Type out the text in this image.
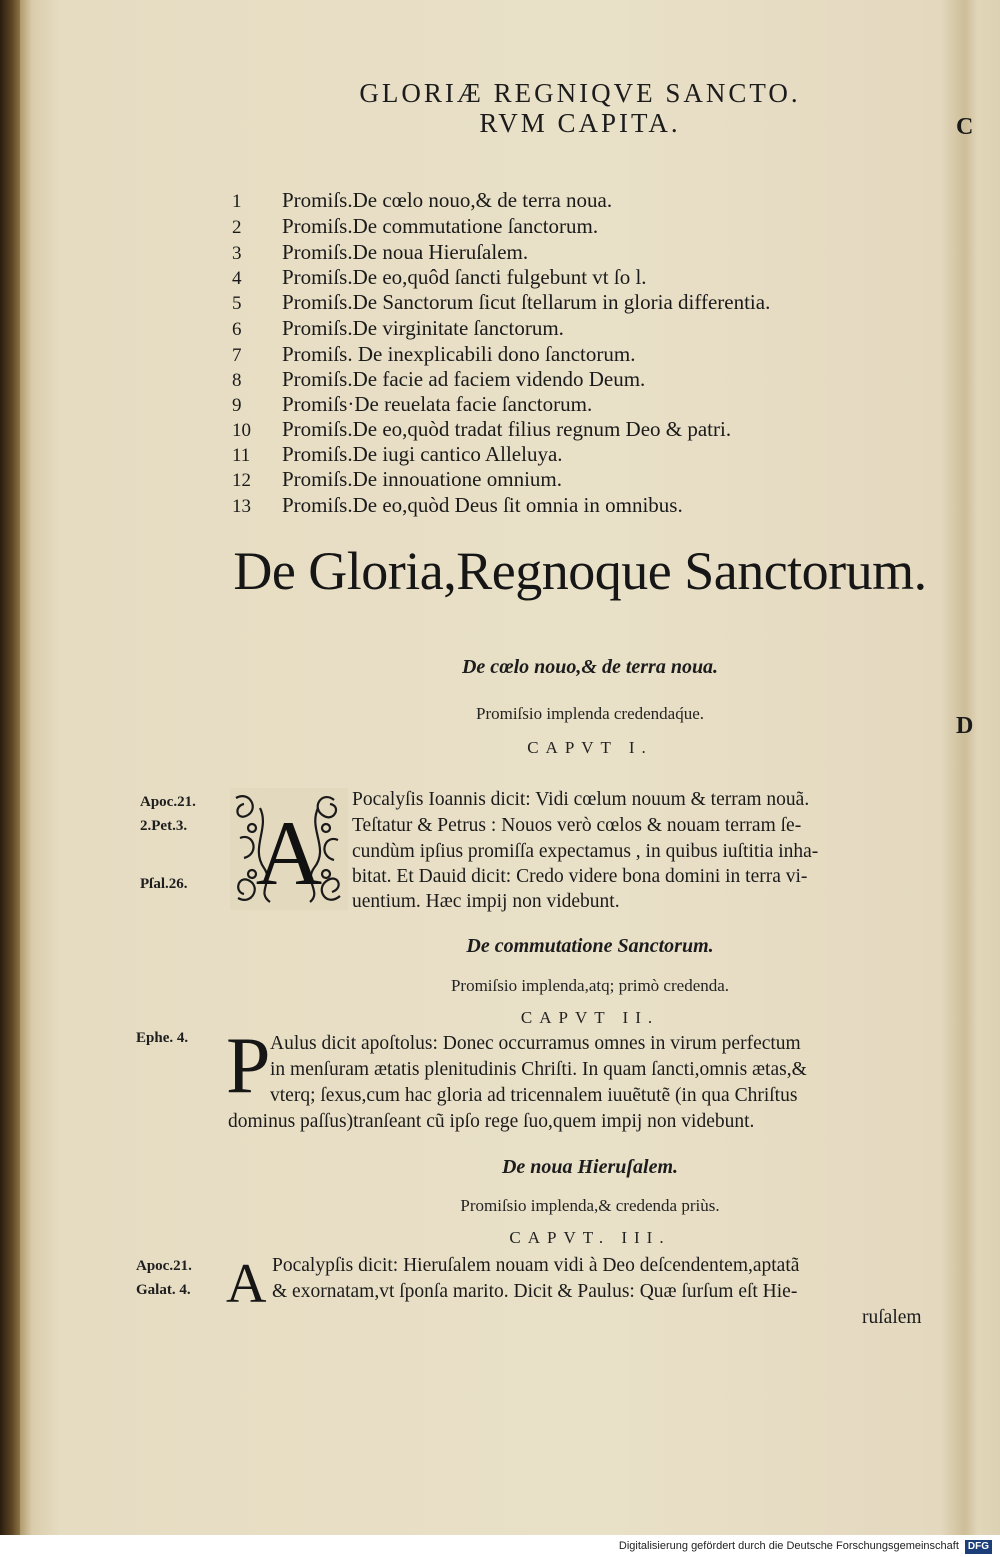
C
D
GLORIÆ REGNIQVE SANCTO.
RVM CAPITA.
1 Promiſs.De cœlo nouo,& de terra noua.
2 Promiſs.De commutatione ſanctorum.
3 Promiſs.De noua Hieruſalem.
4 Promiſs.De eo,quôd ſancti fulgebunt vt ſo l.
5 Promiſs.De Sanctorum ſicut ſtellarum in gloria differentia.
6 Promiſs.De virginitate ſanctorum.
7 Promiſs. De inexplicabili dono ſanctorum.
8 Promiſs.De facie ad faciem videndo Deum.
9 Promiſs·De reuelata facie ſanctorum.
10 Promiſs.De eo,quòd tradat filius regnum Deo & patri.
11 Promiſs.De iugi cantico Alleluya.
12 Promiſs.De innouatione omnium.
13 Promiſs.De eo,quòd Deus ſit omnia in omnibus.
De Gloria,Regnoque Sanctorum.
De cœlo nouo,& de terra noua.
Promiſsio implenda credendaq́ue.
CAPVT I.
Apoc.21.
2.Pet.3.
Pſal.26. A
Pocalyſis Ioannis dicit: Vidi cœlum nouum & terram nouã.
Teſtatur & Petrus : Nouos verò cœlos & nouam terram ſe-
cundùm ipſius promiſſa expectamus , in quibus iuſtitia inha-
bitat. Et Dauid dicit: Credo videre bona domini in terra vi-
uentium. Hæc impij non videbunt.
De commutatione Sanctorum.
Promiſsio implenda,atq; primò credenda.
CAPVT II.
Ephe. 4. P Aulus dicit apoſtolus: Donec occurramus omnes in virum perfectum
in menſuram ætatis plenitudinis Chriſti. In quam ſancti,omnis ætas,&
vterq; ſexus,cum hac gloria ad tricennalem iuuẽtutẽ (in qua Chriſtus
dominus paſſus)tranſeant cũ ipſo rege ſuo,quem impij non videbunt.
De noua Hieruſalem.
Promiſsio implenda,& credenda priùs.
CAPVT. III.
Apoc.21.
Galat. 4. A Pocalypſis dicit: Hieruſalem nouam vidi à Deo deſcendentem,aptatã
& exornatam,vt ſponſa marito. Dicit & Paulus: Quæ ſurſum eſt Hie-
ruſalem
Digitalisierung gefördert durch die Deutsche Forschungsgemeinschaft DFG
